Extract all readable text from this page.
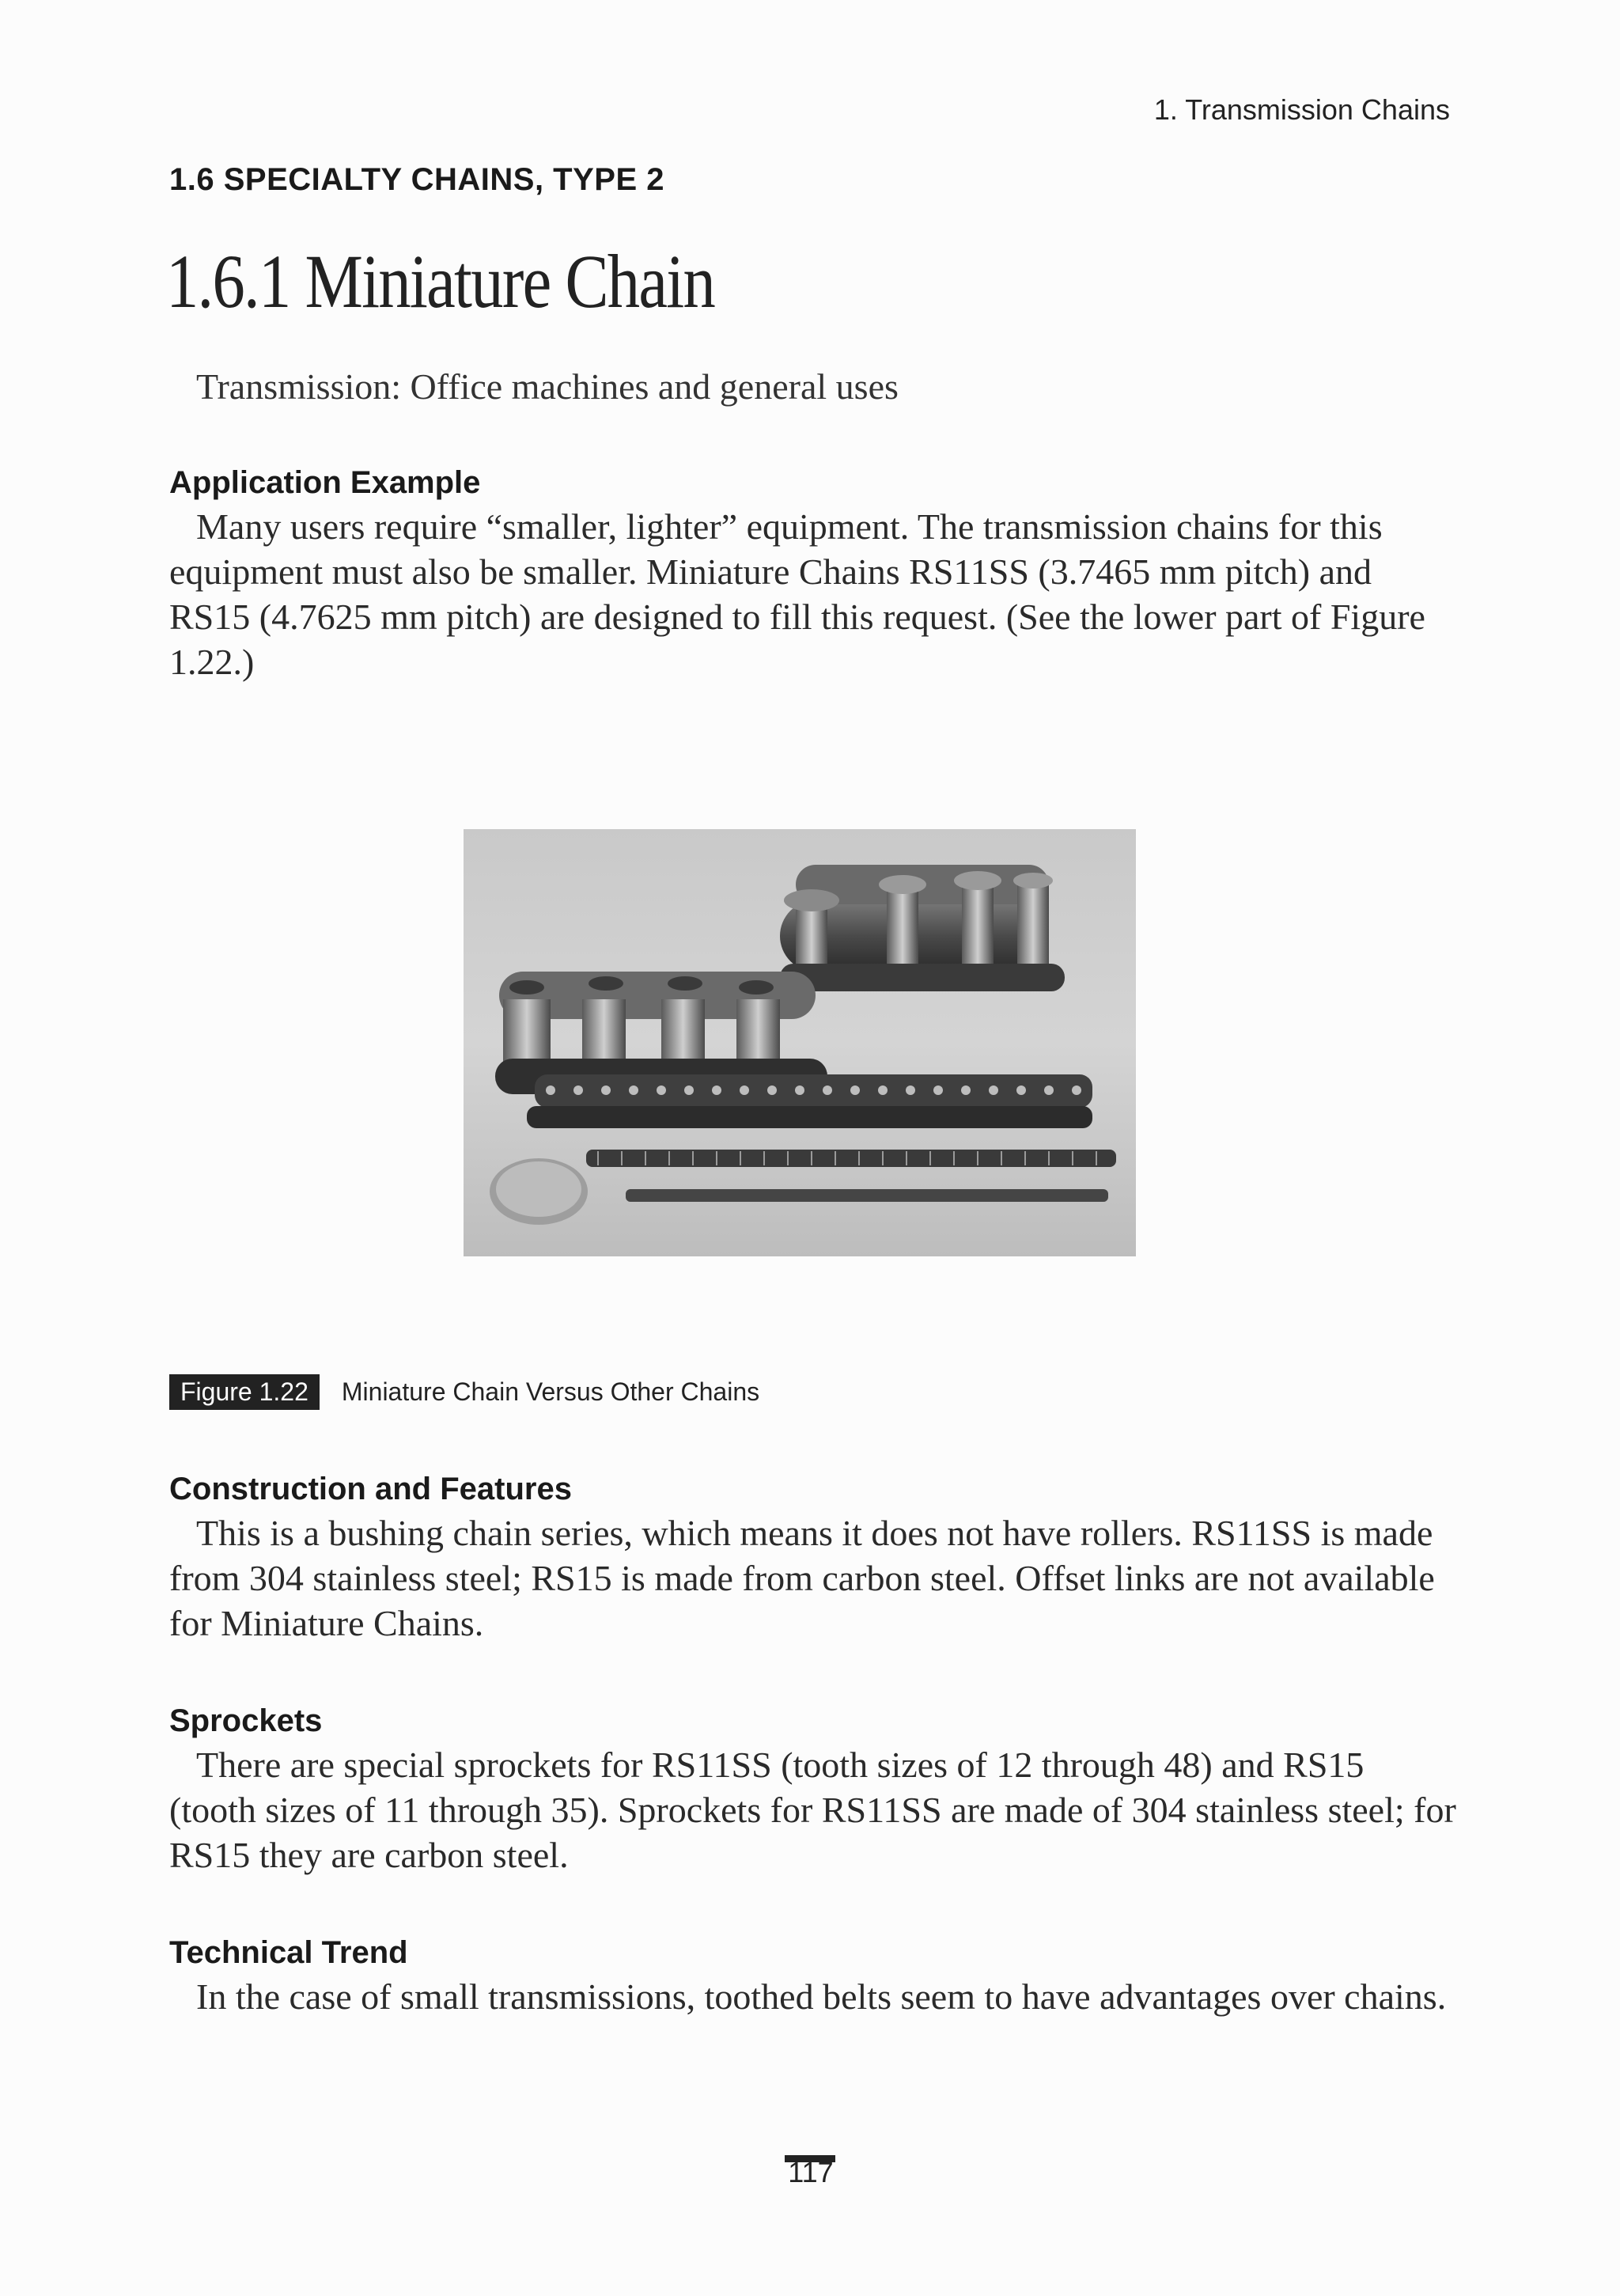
1. Transmission Chains
1.6 SPECIALTY CHAINS, TYPE 2
1.6.1 Miniature Chain
Transmission: Office machines and general uses
Application Example

Many users require “smaller, lighter” equipment. The transmission chains for this equipment must also be smaller. Miniature Chains RS11SS (3.7465 mm pitch) and RS15 (4.7625 mm pitch) are designed to fill this request. (See the lower part of Figure 1.22.)

Figure 1.22	Miniature Chain Versus Other Chains
Construction and Features

This is a bushing chain series, which means it does not have rollers. RS11SS is made from 304 stainless steel; RS15 is made from carbon steel. Offset links are not available for Miniature Chains.

Sprockets

There are special sprockets for RS11SS (tooth sizes of 12 through 48) and RS15 (tooth sizes of 11 through 35). Sprockets for RS11SS are made of 304 stainless steel; for RS15 they are carbon steel.

Technical Trend

In the case of small transmissions, toothed belts seem to have advantages over chains.

117
